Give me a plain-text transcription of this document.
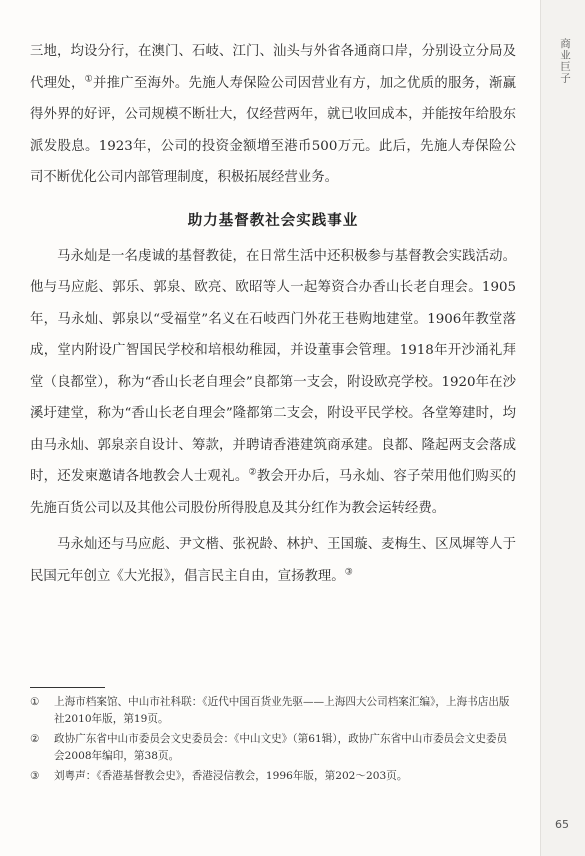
商业巨子

三地，均设分行，在澳门、石岐、江门、汕头与外省各通商口岸，分别设立分局及代理处，①并推广至海外。先施人寿保险公司因营业有方，加之优质的服务，渐赢得外界的好评，公司规模不断壮大，仅经营两年，就已收回成本，并能按年给股东派发股息。1923年，公司的投资金额增至港币500万元。此后，先施人寿保险公司不断优化公司内部管理制度，积极拓展经营业务。

助力基督教社会实践事业

马永灿是一名虔诚的基督教徒，在日常生活中还积极参与基督教会实践活动。他与马应彪、郭乐、郭泉、欧亮、欧昭等人一起筹资合办香山长老自理会。1905年，马永灿、郭泉以“受福堂”名义在石岐西门外花王巷购地建堂。1906年教堂落成，堂内附设广智国民学校和培根幼稚园，并设董事会管理。1918年开沙涌礼拜堂（良都堂），称为“香山长老自理会”良都第一支会，附设欧亮学校。1920年在沙溪圩建堂，称为“香山长老自理会”隆都第二支会，附设平民学校。各堂筹建时，均由马永灿、郭泉亲自设计、筹款，并聘请香港建筑商承建。良都、隆起两支会落成时，还发柬邀请各地教会人士观礼。②教会开办后，马永灿、容子荣用他们购买的先施百货公司以及其他公司股份所得股息及其分红作为教会运转经费。

马永灿还与马应彪、尹文楷、张祝龄、林护、王国璇、麦梅生、区凤墀等人于民国元年创立《大光报》，倡言民主自由，宣扬教理。③

①	上海市档案馆、中山市社科联：《近代中国百货业先驱——上海四大公司档案汇编》，上海书店出版社2010年版，第19页。
②	政协广东省中山市委员会文史委员会：《中山文史》（第61辑），政协广东省中山市委员会文史委员会2008年编印，第38页。
③	刘粤声：《香港基督教会史》，香港浸信教会，1996年版，第202～203页。
65
